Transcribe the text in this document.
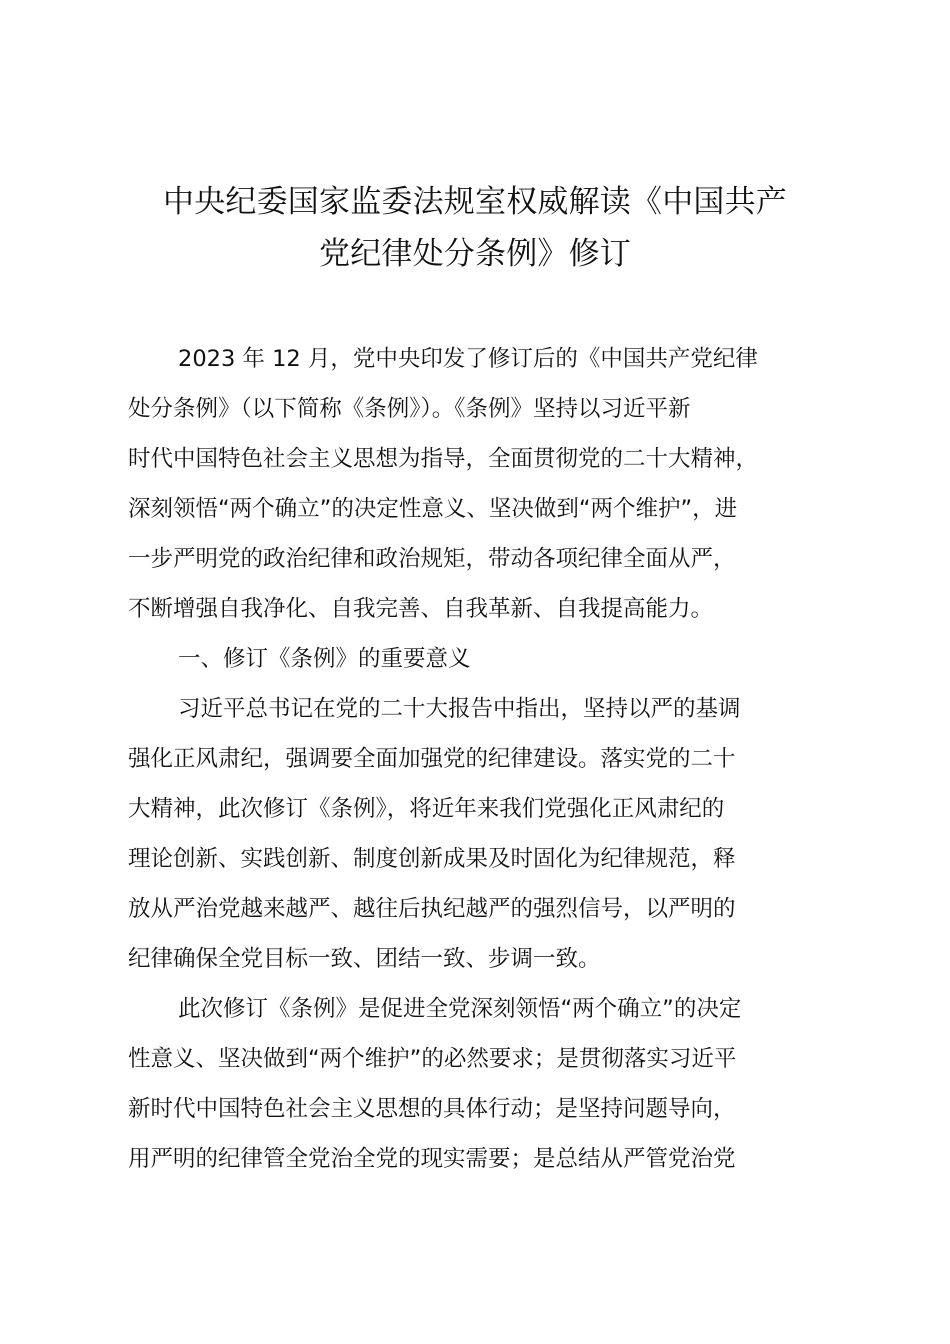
中央纪委国家监委法规室权威解读《中国共产
党纪律处分条例》修订

2023 年 12 月，党中央印发了修订后的《中国共产党纪律
处分条例》（以下简称《条例》）。《条例》坚持以习近平新
时代中国特色社会主义思想为指导，全面贯彻党的二十大精神，
深刻领悟“两个确立”的决定性意义、坚决做到“两个维护”，进
一步严明党的政治纪律和政治规矩，带动各项纪律全面从严，
不断增强自我净化、自我完善、自我革新、自我提高能力。

一、修订《条例》的重要意义

习近平总书记在党的二十大报告中指出，坚持以严的基调
强化正风肃纪，强调要全面加强党的纪律建设。落实党的二十
大精神，此次修订《条例》，将近年来我们党强化正风肃纪的
理论创新、实践创新、制度创新成果及时固化为纪律规范，释
放从严治党越来越严、越往后执纪越严的强烈信号，以严明的
纪律确保全党目标一致、团结一致、步调一致。

此次修订《条例》是促进全党深刻领悟“两个确立”的决定
性意义、坚决做到“两个维护”的必然要求；是贯彻落实习近平
新时代中国特色社会主义思想的具体行动；是坚持问题导向，
用严明的纪律管全党治全党的现实需要；是总结从严管党治党
